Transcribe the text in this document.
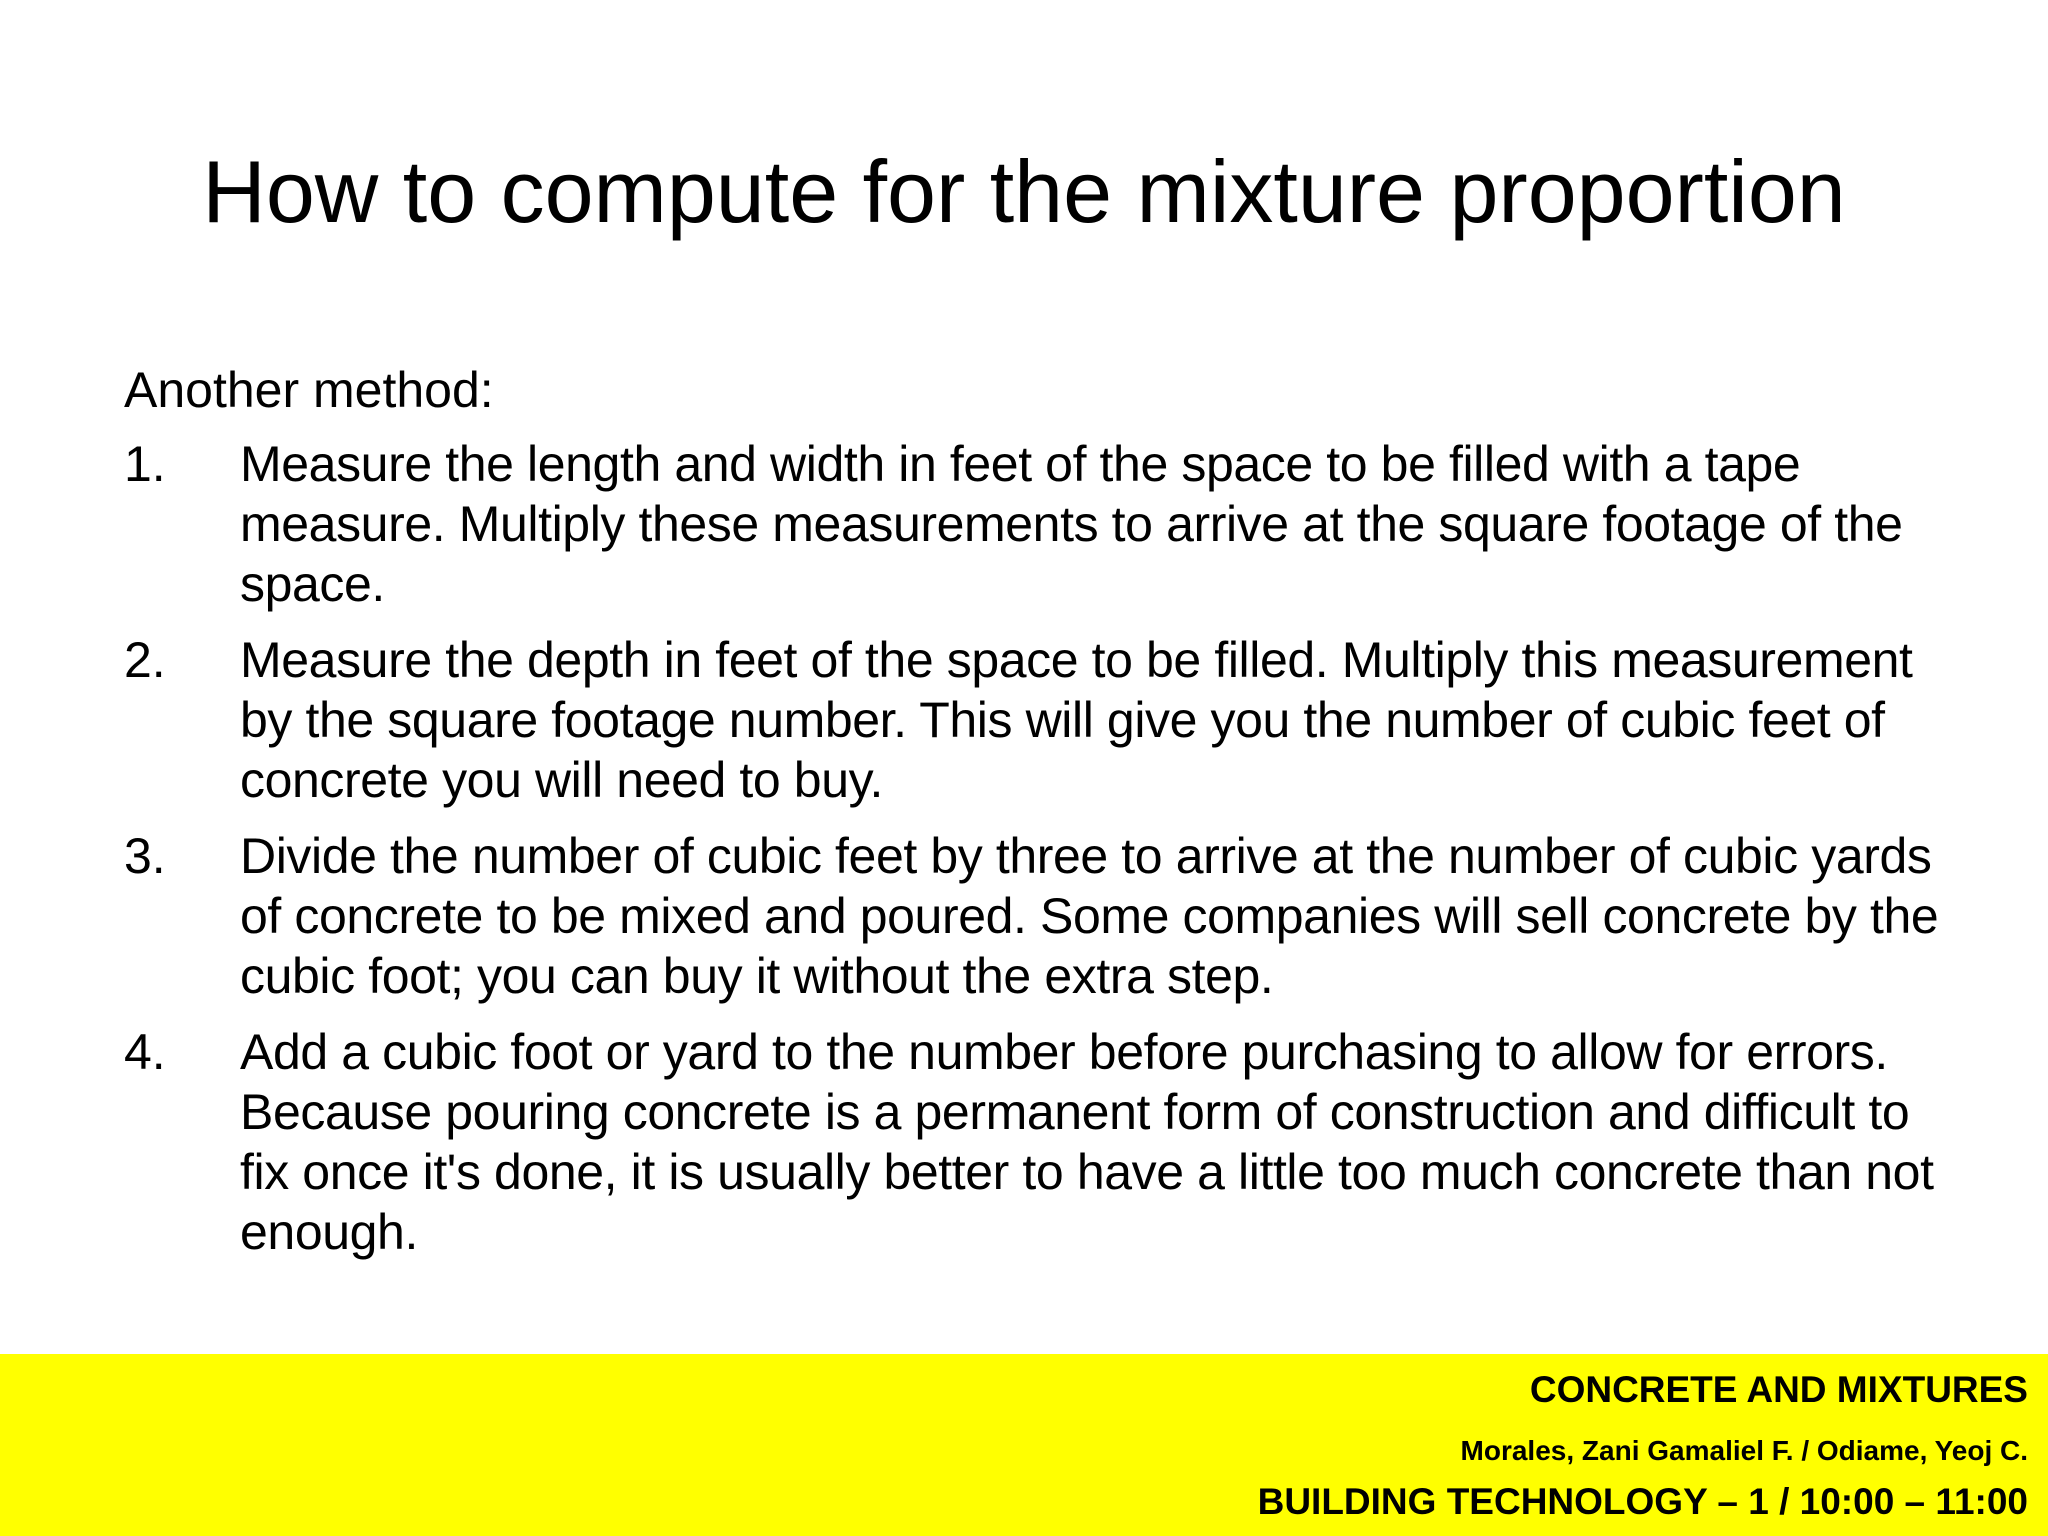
How to compute for the mixture proportion

Another method:

1.	Measure the length and width in feet of the space to be filled with a tape measure. Multiply these measurements to arrive at the square footage of the space.
2.	Measure the depth in feet of the space to be filled. Multiply this measurement by the square footage number. This will give you the number of cubic feet of concrete you will need to buy.
3.	Divide the number of cubic feet by three to arrive at the number of cubic yards of concrete to be mixed and poured. Some companies will sell concrete by the cubic foot; you can buy it without the extra step.
4.	Add a cubic foot or yard to the number before purchasing to allow for errors. Because pouring concrete is a permanent form of construction and difficult to fix once it's done, it is usually better to have a little too much concrete than not enough.
CONCRETE AND MIXTURES
Morales, Zani Gamaliel F. / Odiame, Yeoj C.
BUILDING TECHNOLOGY – 1 / 10:00 – 11:00
